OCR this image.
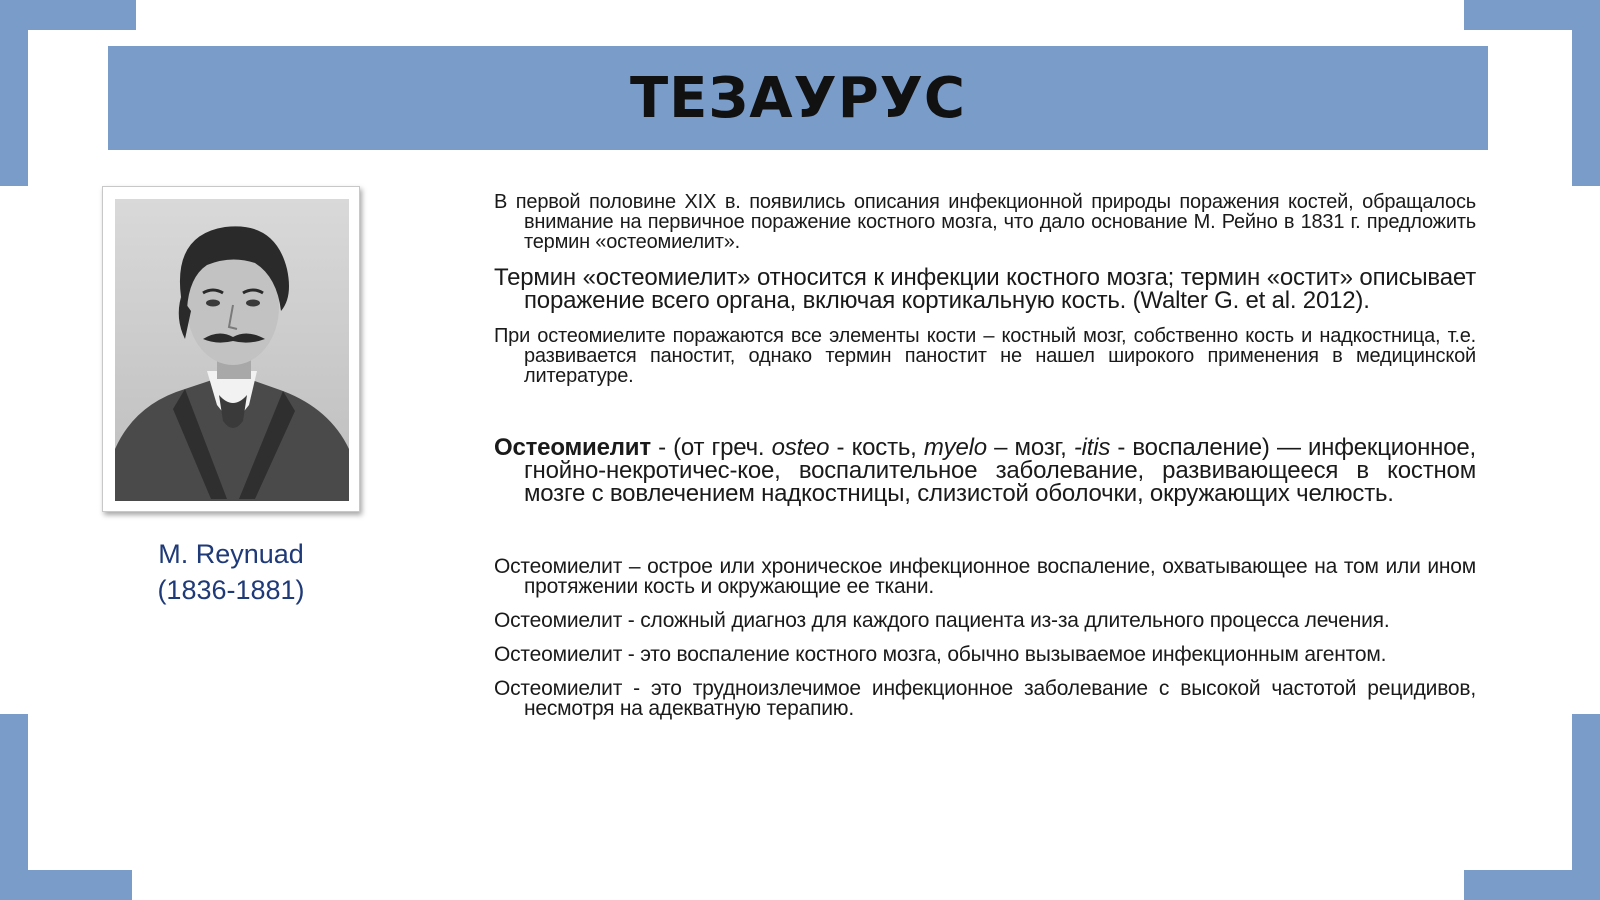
ТЕЗАУРУС
M. Reynuad
(1836-1881)

В первой половине XIX в. появились описания инфекционной природы поражения костей, обращалось внимание на первичное поражение костного мозга, что дало основание М. Рейно в 1831 г. предложить термин «остеомиелит».

Термин «остеомиелит» относится к инфекции костного мозга; термин «остит» описывает поражение всего органа, включая кортикальную кость. (Walter G. et al. 2012).

При остеомиелите поражаются все элементы кости – костный мозг, собственно кость и надкостница, т.е. развивается паностит, однако термин паностит не нашел широкого применения в медицинской литературе.

Остеомиелит - (от греч. osteo - кость, myelo – мозг, -itis - воспаление) — инфекционное, гнойно-некротичес-кое, воспалительное заболевание, развивающееся в костном мозге с вовлечением надкостницы, слизистой оболочки, окружающих челюсть.

Остеомиелит – острое или хроническое инфекционное воспаление, охватывающее на том или ином протяжении кость и окружающие ее ткани.

Остеомиелит - сложный диагноз для каждого пациента из-за длительного процесса лечения.

Остеомиелит - это воспаление костного мозга, обычно вызываемое инфекционным агентом.

Остеомиелит - это трудноизлечимое инфекционное заболевание с высокой частотой рецидивов, несмотря на адекватную терапию.
